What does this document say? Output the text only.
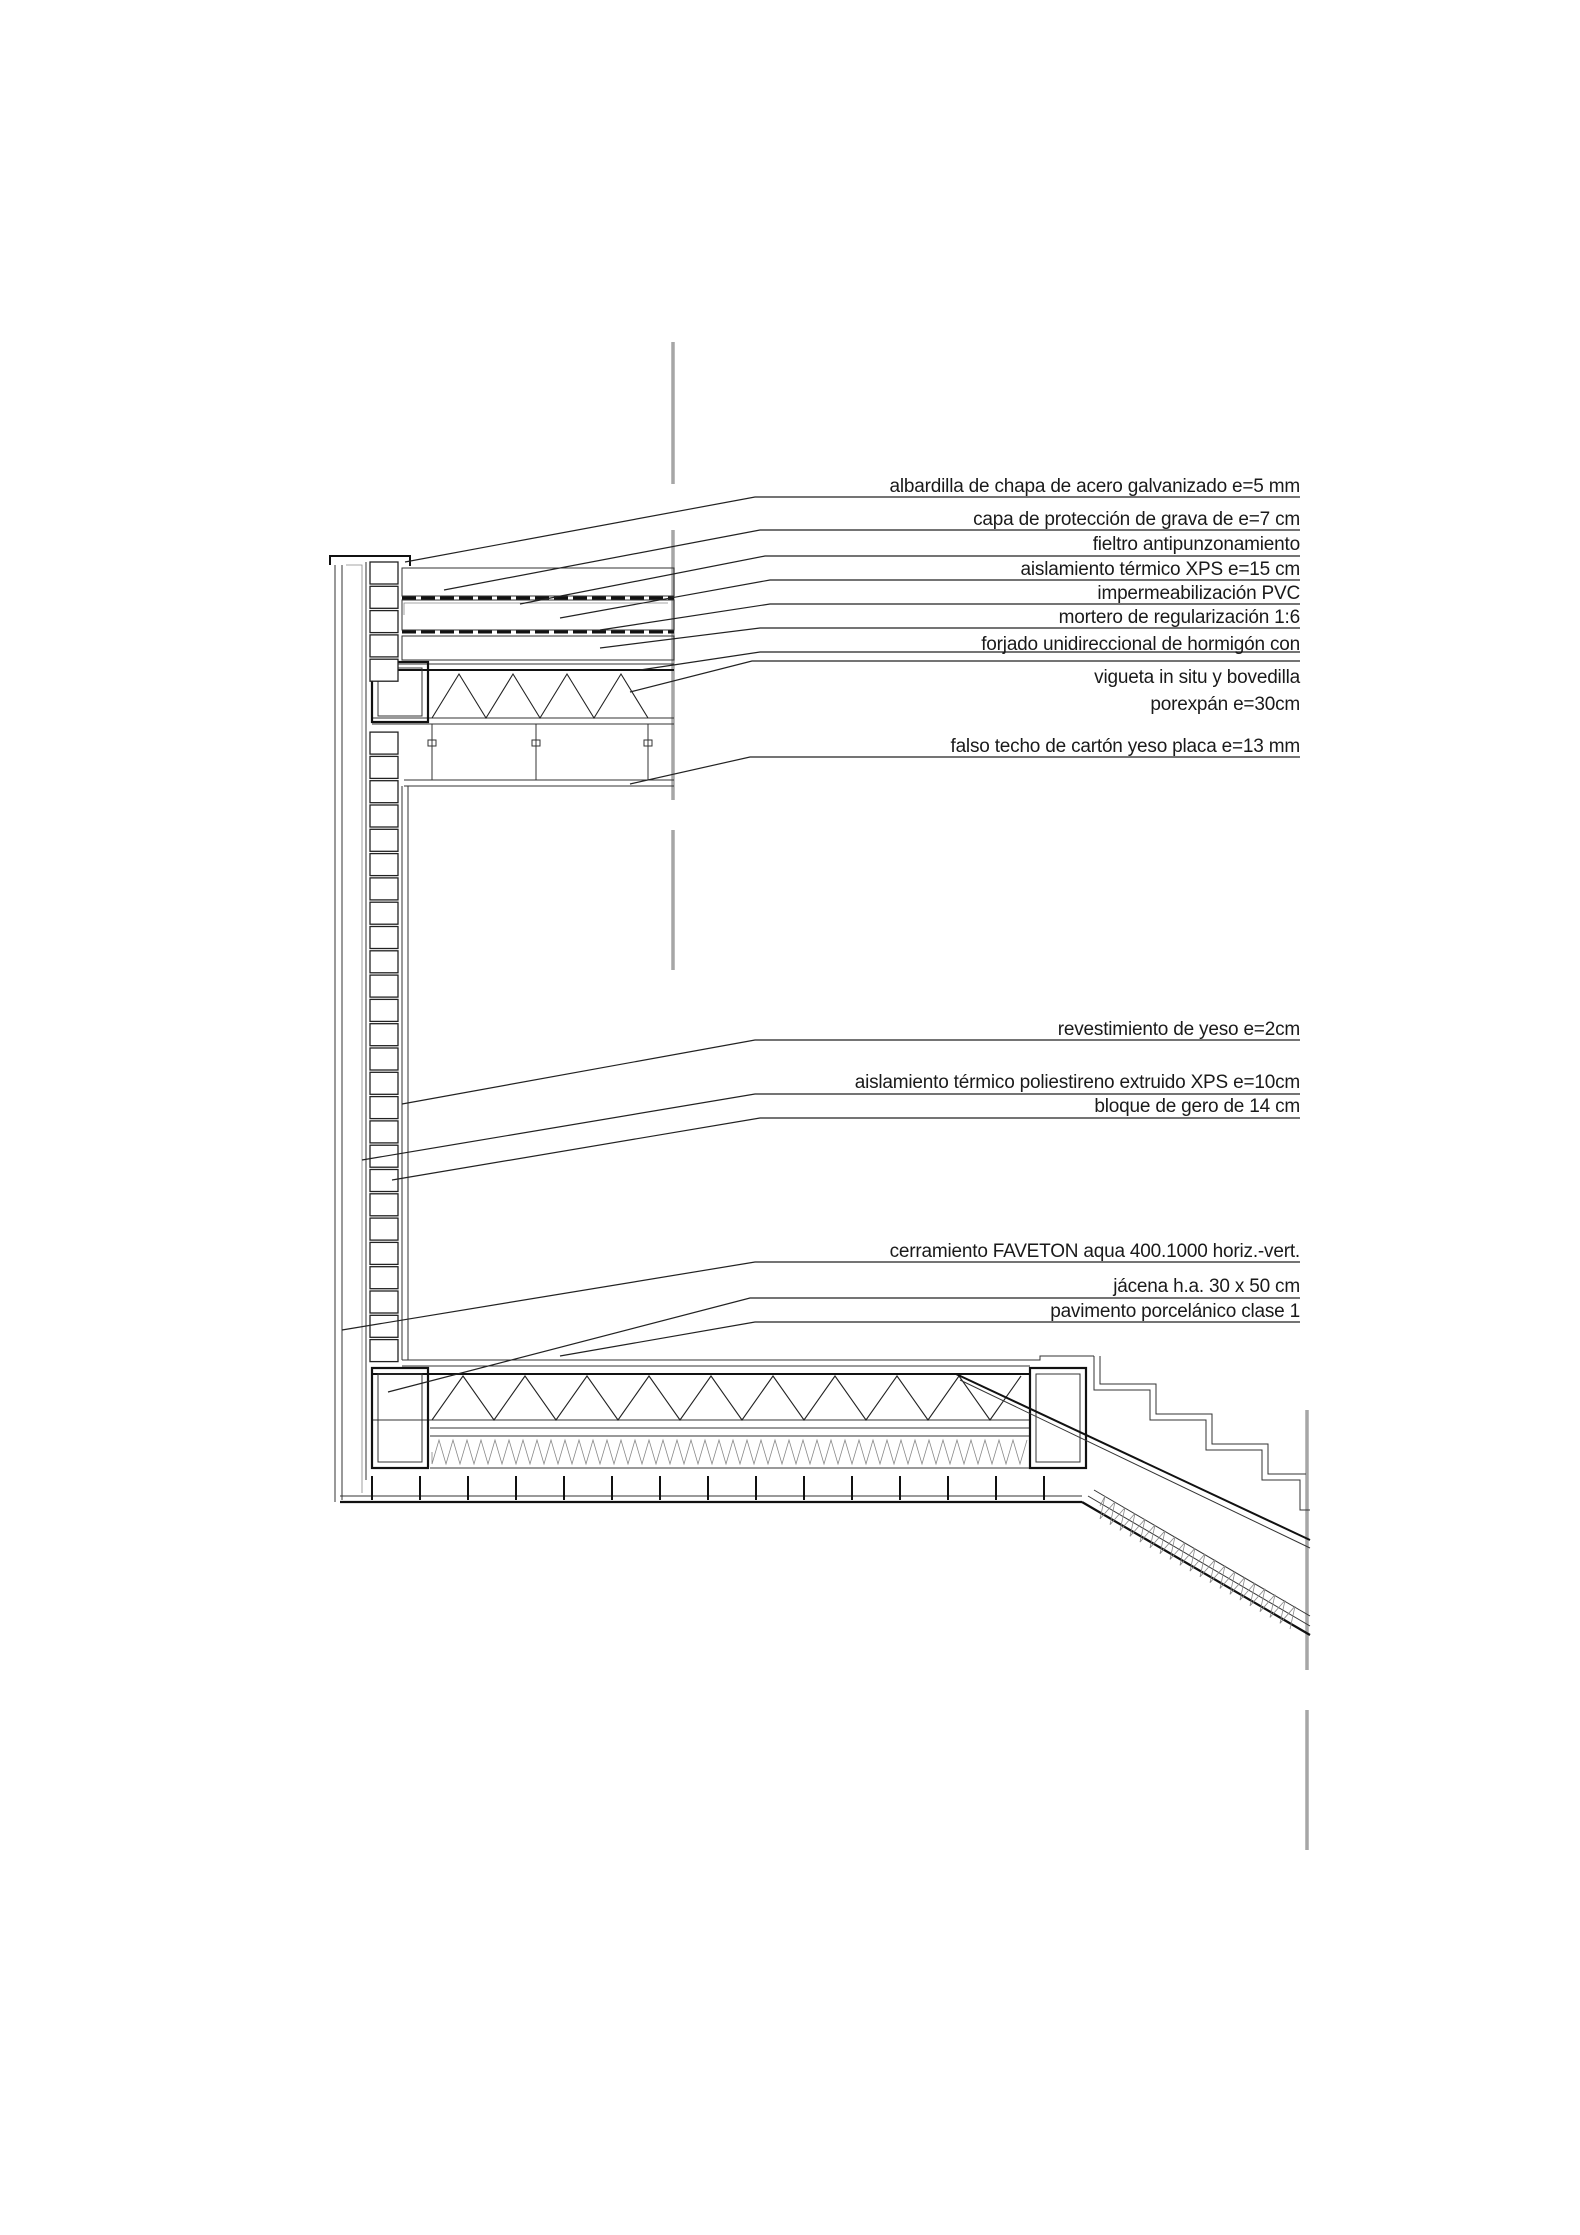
albardilla de chapa de acero galvanizado e=5 mm
capa de protección de grava de e=7 cm
fieltro antipunzonamiento
aislamiento térmico XPS e=15 cm
impermeabilización PVC
mortero de regularización 1:6
forjado unidireccional de hormigón con
vigueta in situ y bovedilla
porexpán e=30cm
falso techo de cartón yeso placa e=13 mm
revestimiento de yeso e=2cm
aislamiento térmico poliestireno extruido XPS e=10cm
bloque de gero de 14 cm
cerramiento FAVETON aqua 400.1000 horiz.-vert.
jácena h.a. 30 x 50 cm
pavimento porcelánico clase 1
